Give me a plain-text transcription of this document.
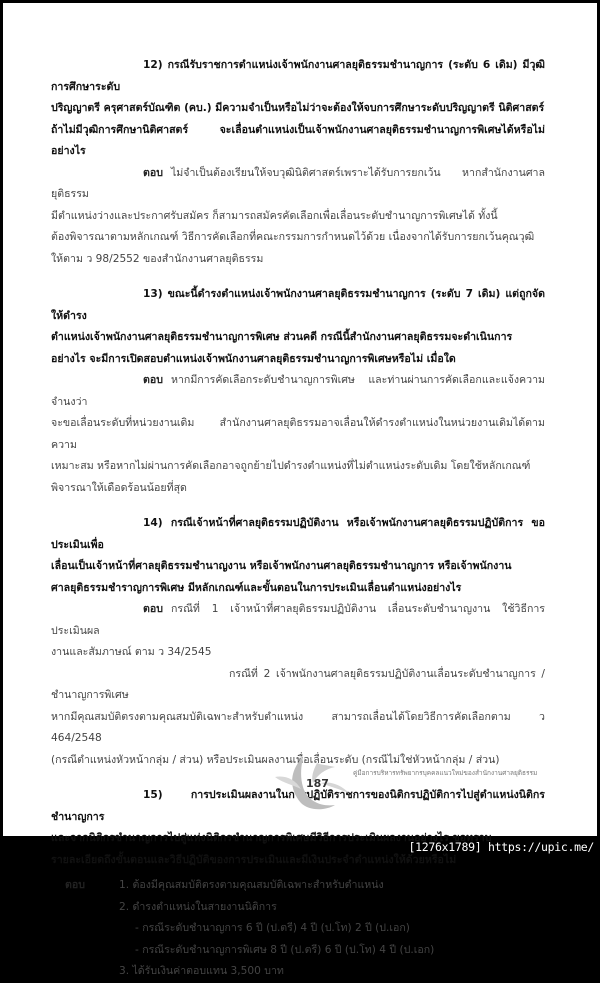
12) กรณีรับราชการตำแหน่งเจ้าพนักงานศาลยุติธรรมชำนาญการ (ระดับ 6 เดิม) มีวุฒิการศึกษาระดับ
ปริญญาตรี ครุศาสตร์บัณฑิต (คบ.) มีความจำเป็นหรือไม่ว่าจะต้องให้จบการศึกษาระดับปริญญาตรี นิติศาสตร์
ถ้าไม่มีวุฒิการศึกษานิติศาสตร์ จะเลื่อนตำแหน่งเป็นเจ้าพนักงานศาลยุติธรรมชำนาญการพิเศษได้หรือไม่ อย่างไร

ตอบ ไม่จำเป็นต้องเรียนให้จบวุฒินิติศาสตร์เพราะได้รับการยกเว้น หากสำนักงานศาลยุติธรรม
มีตำแหน่งว่างและประกาศรับสมัคร ก็สามารถสมัครคัดเลือกเพื่อเลื่อนระดับชำนาญการพิเศษได้ ทั้งนี้
ต้องพิจารณาตามหลักเกณฑ์ วิธีการคัดเลือกที่คณะกรรมการกำหนดไว้ด้วย เนื่องจากได้รับการยกเว้นคุณวุฒิ
ให้ตาม ว 98/2552 ของสำนักงานศาลยุติธรรม

13) ขณะนี้ดำรงตำแหน่งเจ้าพนักงานศาลยุติธรรมชำนาญการ (ระดับ 7 เดิม) แต่ถูกจัดให้ดำรง
ตำแหน่งเจ้าพนักงานศาลยุติธรรมชำนาญการพิเศษ ส่วนคดี กรณีนี้สำนักงานศาลยุติธรรมจะดำเนินการ
อย่างไร จะมีการเปิดสอบตำแหน่งเจ้าพนักงานศาลยุติธรรมชำนาญการพิเศษหรือไม่ เมื่อใด

ตอบ หากมีการคัดเลือกระดับชำนาญการพิเศษ และท่านผ่านการคัดเลือกและแจ้งความจำนงว่า
จะขอเลื่อนระดับที่หน่วยงานเดิม สำนักงานศาลยุติธรรมอาจเลื่อนให้ดำรงตำแหน่งในหน่วยงานเดิมได้ตามความ
เหมาะสม หรือหากไม่ผ่านการคัดเลือกอาจถูกย้ายไปดำรงตำแหน่งที่ไม่ตำแหน่งระดับเดิม โดยใช้หลักเกณฑ์
พิจารณาให้เดือดร้อนน้อยที่สุด

14) กรณีเจ้าหน้าที่ศาลยุติธรรมปฏิบัติงาน หรือเจ้าพนักงานศาลยุติธรรมปฏิบัติการ ขอประเมินเพื่อ
เลื่อนเป็นเจ้าหน้าที่ศาลยุติธรรมชำนาญงาน หรือเจ้าพนักงานศาลยุติธรรมชำนาญการ หรือเจ้าพนักงาน
ศาลยุติธรรมชำราญการพิเศษ มีหลักเกณฑ์และขั้นตอนในการประเมินเลื่อนตำแหน่งอย่างไร

ตอบ กรณีที่ 1 เจ้าหน้าที่ศาลยุติธรรมปฏิบัติงาน เลื่อนระดับชำนาญงาน ใช้วิธีการประเมินผล
งานและสัมภาษณ์ ตาม ว 34/2545
กรณีที่ 2 เจ้าพนักงานศาลยุติธรรมปฏิบัติงานเลื่อนระดับชำนาญการ / ชำนาญการพิเศษ
หากมีคุณสมบัติตรงตามคุณสมบัติเฉพาะสำหรับตำแหน่ง สามารถเลื่อนได้โดยวิธีการคัดเลือกตาม ว 464/2548
(กรณีตำแหน่งหัวหน้ากลุ่ม / ส่วน) หรือประเมินผลงานเพื่อเลื่อนระดับ (กรณีไม่ใช่หัวหน้ากลุ่ม / ส่วน)

15)	การประเมินผลงานในการปฏิบัติราชการของนิติกรปฏิบัติการไปสู่ตำแหน่งนิติกรชำนาญการ
และจากนิติกรชำนาญการไปสู่แห่งนิติกรชำนาญการพิเศษมีวิธีการประเมินผลงานอย่างไร ขอทราบ
รายละเอียดถึงขั้นตอนและวิธีปฏิบัติของการประเมินและมีเงินประจำตำแหน่งให้ด้วยหรือไม่

ตอบ	1. ต้องมีคุณสมบัติตรงตามคุณสมบัติเฉพาะสำหรับตำแหน่ง
2. ดำรงตำแหน่งในสายงานนิติการ
- กรณีระดับชำนาญการ 6 ปี (ป.ตรี) 4 ปี (ป.โท) 2 ปี (ป.เอก)
- กรณีระดับชำนาญการพิเศษ 8 ปี (ป.ตรี) 6 ปี (ป.โท) 4 ปี (ป.เอก)
3. ได้รับเงินค่าตอบแทน 3,500 บาท
187
คู่มือการบริหารทรัพยากรบุคคลแนวใหม่ของสำนักงานศาลยุติธรรม
[1276x1789] https://upic.me/
